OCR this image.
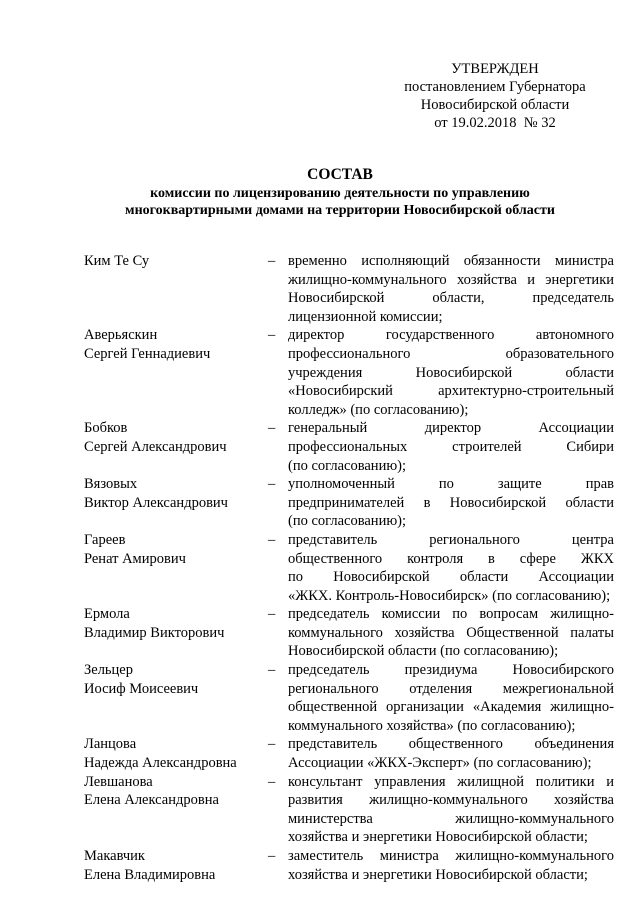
УТВЕРЖДЕН
постановлением Губернатора
Новосибирской области
от 19.02.2018  № 32
СОСТАВ
комиссии по лицензированию деятельности по управлению
многоквартирными домами на территории Новосибирской области
Ким Те Су	– временно исполняющий обязанности министра
жилищно-коммунального хозяйства и энергетики
Новосибирской области, председатель
лицензионной комиссии;
Аверьяскин
Сергей Геннадиевич
– директор государственного автономного
профессионального образовательного
учреждения Новосибирской области
«Новосибирский архитектурно-строительный
колледж» (по согласованию);
Бобков
Сергей Александрович
– генеральный директор Ассоциации
профессиональных строителей Сибири
(по согласованию);
Вязовых
Виктор Александрович
– уполномоченный по защите прав
предпринимателей в Новосибирской области
(по согласованию);
Гареев
Ренат Амирович
– представитель регионального центра
общественного контроля в сфере ЖКХ
по Новосибирской области Ассоциации
«ЖКХ. Контроль-Новосибирск» (по согласованию);
Ермола
Владимир Викторович
– председатель комиссии по вопросам жилищно-
коммунального хозяйства Общественной палаты
Новосибирской области (по согласованию);
Зельцер
Иосиф Моисеевич
– председатель президиума Новосибирского
регионального отделения межрегиональной
общественной организации «Академия жилищно-
коммунального хозяйства» (по согласованию);
Ланцова
Надежда Александровна
– представитель общественного объединения
Ассоциации «ЖКХ-Эксперт» (по согласованию);
Левшанова
Елена Александровна
– консультант управления жилищной политики и
развития жилищно-коммунального хозяйства
министерства жилищно-коммунального
хозяйства и энергетики Новосибирской области;
Макавчик
Елена Владимировна
– заместитель министра жилищно-коммунального
хозяйства и энергетики Новосибирской области;
